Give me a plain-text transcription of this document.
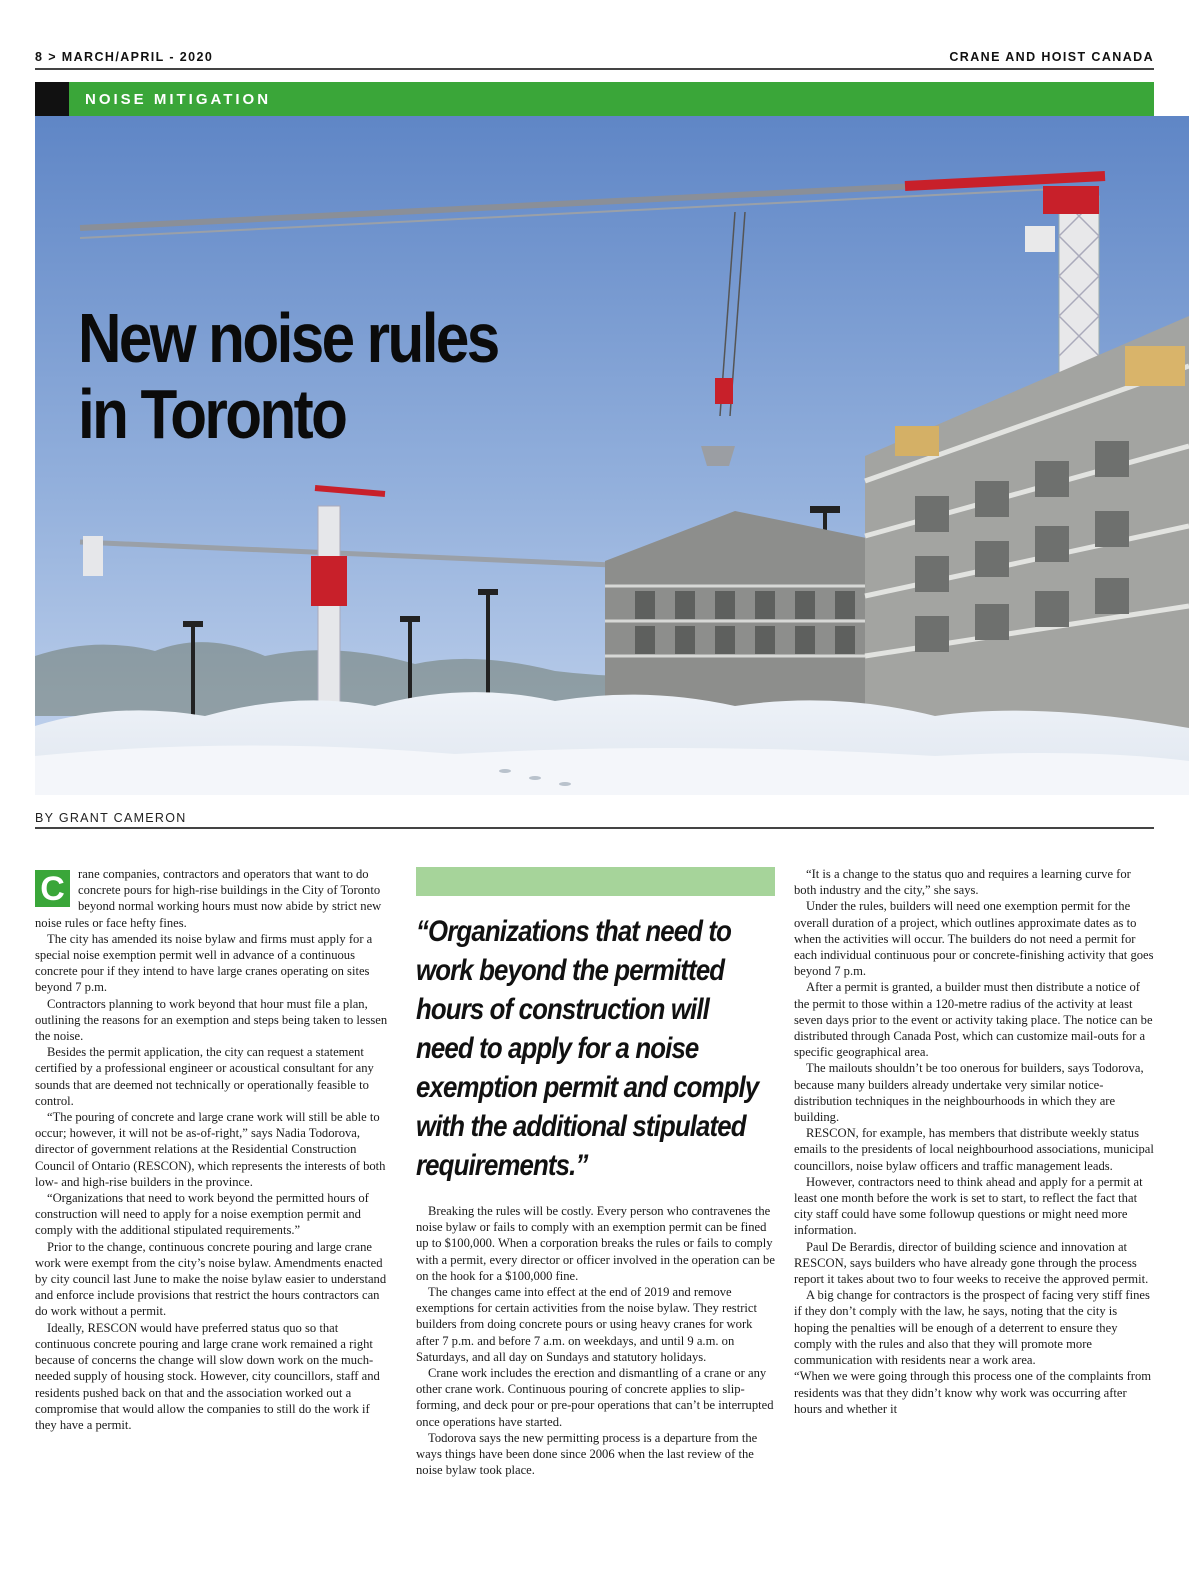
8 > MARCH/APRIL - 2020	CRANE AND HOIST CANADA
NOISE MITIGATION
New noise rules
in Toronto
BY GRANT CAMERON
C	rane companies, contractors and operators that want to do concrete pours for high-rise buildings in the City of Toronto beyond normal working hours must now abide by strict new noise rules or face hefty fines.

The city has amended its noise bylaw and firms must apply for a special noise exemption permit well in advance of a continuous concrete pour if they intend to have large cranes operating on sites beyond 7 p.m.

Contractors planning to work beyond that hour must file a plan, outlining the reasons for an exemption and steps being taken to lessen the noise.

Besides the permit application, the city can request a statement certified by a professional engineer or acoustical consultant for any sounds that are deemed not technically or operationally feasible to control.

“The pouring of concrete and large crane work will still be able to occur; however, it will not be as-of-right,” says Nadia Todorova, director of government relations at the Residential Construction Council of Ontario (RESCON), which represents the interests of both low- and high-rise builders in the province.

“Organizations that need to work beyond the permitted hours of construction will need to apply for a noise exemption permit and comply with the additional stipulated requirements.”

Prior to the change, continuous concrete pouring and large crane work were exempt from the city’s noise bylaw. Amendments enacted by city council last June to make the noise bylaw easier to understand and enforce include provisions that restrict the hours contractors can do work without a permit.

Ideally, RESCON would have preferred status quo so that continuous concrete pouring and large crane work remained a right because of concerns the change will slow down work on the much-needed supply of housing stock. However, city councillors, staff and residents pushed back on that and the association worked out a compromise that would allow the companies to still do the work if they have a permit.

“Organizations that need to work beyond the permitted hours of construction will need to apply for a noise exemption permit and comply with the additional stipulated requirements.”

Breaking the rules will be costly. Every person who contravenes the noise bylaw or fails to comply with an exemption permit can be fined up to $100,000. When a corporation breaks the rules or fails to comply with a permit, every director or officer involved in the operation can be on the hook for a $100,000 fine.

The changes came into effect at the end of 2019 and remove exemptions for certain activities from the noise bylaw. They restrict builders from doing concrete pours or using heavy cranes for work after 7 p.m. and before 7 a.m. on weekdays, and until 9 a.m. on Saturdays, and all day on Sundays and statutory holidays.

Crane work includes the erection and dismantling of a crane or any other crane work. Continuous pouring of concrete applies to slip-forming, and deck pour or pre-pour operations that can’t be interrupted once operations have started.

Todorova says the new permitting process is a departure from the ways things have been done since 2006 when the last review of the noise bylaw took place.

“It is a change to the status quo and requires a learning curve for both industry and the city,” she says.

Under the rules, builders will need one exemption permit for the overall duration of a project, which outlines approximate dates as to when the activities will occur. The builders do not need a permit for each individual continuous pour or concrete-finishing activity that goes beyond 7 p.m.

After a permit is granted, a builder must then distribute a notice of the permit to those within a 120-metre radius of the activity at least seven days prior to the event or activity taking place. The notice can be distributed through Canada Post, which can customize mail-outs for a specific geographical area.

The mailouts shouldn’t be too onerous for builders, says Todorova, because many builders already undertake very similar notice-distribution techniques in the neighbourhoods in which they are building.

RESCON, for example, has members that distribute weekly status emails to the presidents of local neighbourhood associations, municipal councillors, noise bylaw officers and traffic management leads.

However, contractors need to think ahead and apply for a permit at least one month before the work is set to start, to reflect the fact that city staff could have some followup questions or might need more information.

Paul De Berardis, director of building science and innovation at RESCON, says builders who have already gone through the process report it takes about two to four weeks to receive the approved permit.

A big change for contractors is the prospect of facing very stiff fines if they don’t comply with the law, he says, noting that the city is hoping the penalties will be enough of a deterrent to ensure they comply with the rules and also that they will promote more communication with residents near a work area.

“When we were going through this process one of the complaints from residents was that they didn’t know why work was occurring after hours and whether it
